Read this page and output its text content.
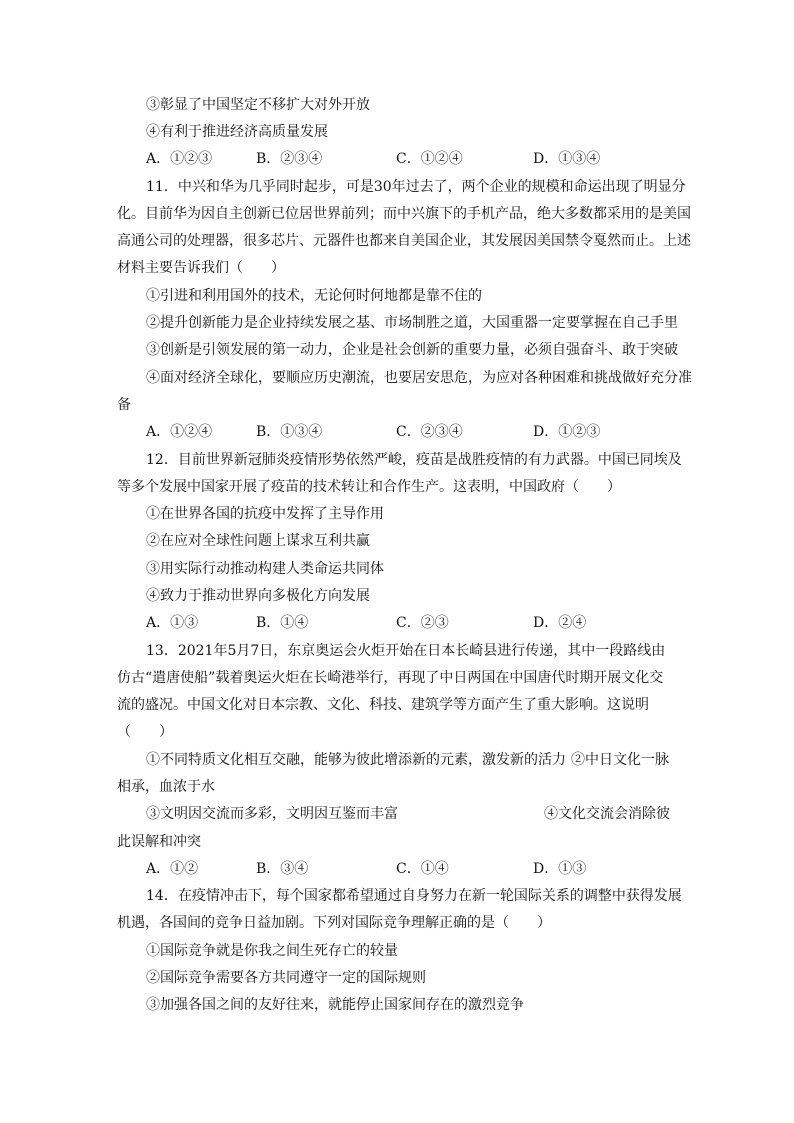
③彰显了中国坚定不移扩大对外开放
④有利于推进经济高质量发展
A．①②③	B．②③④	C．①②④	D．①③④
11．中兴和华为几乎同时起步，可是30年过去了，两个企业的规模和命运出现了明显分
化。目前华为因自主创新已位居世界前列；而中兴旗下的手机产品，绝大多数都采用的是美国
高通公司的处理器，很多芯片、元器件也都来自美国企业，其发展因美国禁令戛然而止。上述
材料主要告诉我们（　　）
①引进和利用国外的技术，无论何时何地都是靠不住的
②提升创新能力是企业持续发展之基、市场制胜之道，大国重器一定要掌握在自己手里
③创新是引领发展的第一动力，企业是社会创新的重要力量，必须自强奋斗、敢于突破
④面对经济全球化，要顺应历史潮流，也要居安思危，为应对各种困难和挑战做好充分准
备
A．①②④	B．①③④	C．②③④	D．①②③
12．目前世界新冠肺炎疫情形势依然严峻，疫苗是战胜疫情的有力武器。中国已同埃及
等多个发展中国家开展了疫苗的技术转让和合作生产。这表明，中国政府（　　）
①在世界各国的抗疫中发挥了主导作用
②在应对全球性问题上谋求互利共赢
③用实际行动推动构建人类命运共同体
④致力于推动世界向多极化方向发展
A．①③	B．①④	C．②③	D．②④
13．2021年5月7日，东京奥运会火炬开始在日本长崎县进行传递，其中一段路线由
仿古“遣唐使船”载着奥运火炬在长崎港举行，再现了中日两国在中国唐代时期开展文化交
流的盛况。中国文化对日本宗教、文化、科技、建筑学等方面产生了重大影响。这说明
（　　）
①不同特质文化相互交融，能够为彼此增添新的元素，激发新的活力 ②中日文化一脉
相承，血浓于水
③文明因交流而多彩，文明因互鉴而丰富	④文化交流会消除彼
此误解和冲突
A．①②	B．③④	C．①④	D．①③
14．在疫情冲击下，每个国家都希望通过自身努力在新一轮国际关系的调整中获得发展
机遇，各国间的竞争日益加剧。下列对国际竞争理解正确的是（　　）
①国际竞争就是你我之间生死存亡的较量
②国际竞争需要各方共同遵守一定的国际规则
③加强各国之间的友好往来，就能停止国家间存在的激烈竞争
